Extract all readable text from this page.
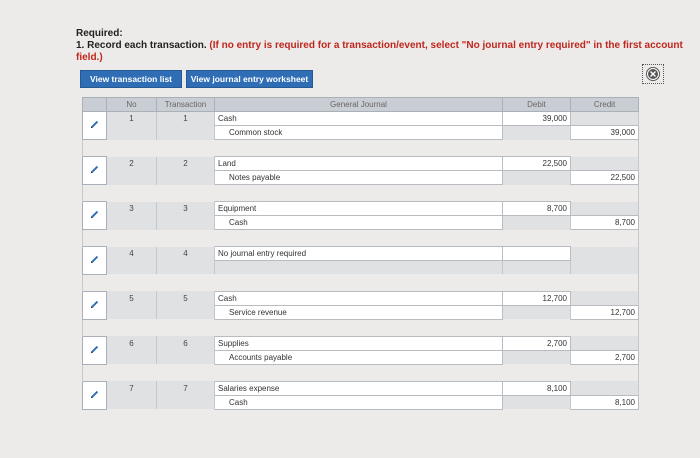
Required:
1. Record each transaction. (If no entry is required for a transaction/event, select "No journal entry required" in the first account field.)
View transaction list	View journal entry worksheet
	No	Transaction	General Journal	Debit	Credit
	1	1	Cash	39,000	
			Common stock		39,000

	2	2	Land	22,500	
			Notes payable		22,500

	3	3	Equipment	8,700	
			Cash		8,700

	4	4	No journal entry required		

	5	5	Cash	12,700	
			Service revenue		12,700

	6	6	Supplies	2,700	
			Accounts payable		2,700

	7	7	Salaries expense	8,100	
			Cash		8,100
